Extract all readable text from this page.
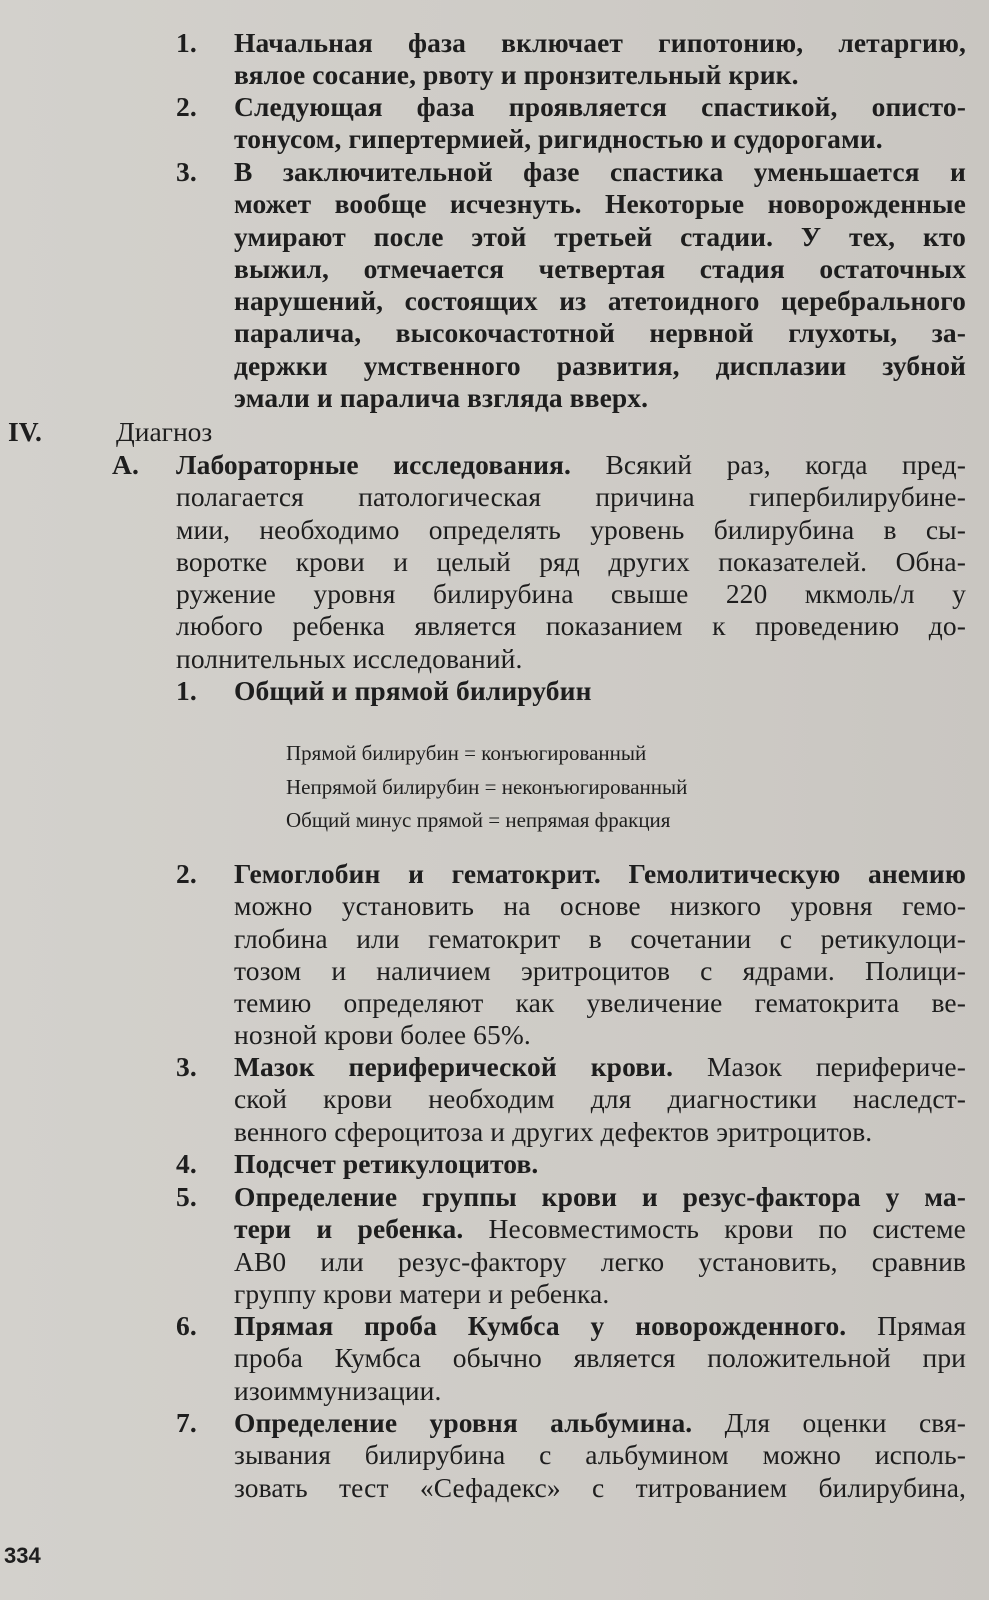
1.	Начальная фаза включает гипотонию, летаргию,
вялое сосание, рвоту и пронзительный крик.
2.	Следующая фаза проявляется спастикой, описто-
тонусом, гипертермией, ригидностью и судорогами.
3.	В заключительной фазе спастика уменьшается и
может вообще исчезнуть. Некоторые новорожденные
умирают после этой третьей стадии. У тех, кто
выжил, отмечается четвертая стадия остаточных
нарушений, состоящих из атетоидного церебрального
паралича, высокочастотной нервной глухоты, за-
держки умственного развития, дисплазии зубной
эмали и паралича взгляда вверх.
IV.	Диагноз
А.	Лабораторные исследования. Всякий раз, когда пред-
полагается патологическая причина гипербилирубине-
мии, необходимо определять уровень билирубина в сы-
воротке крови и целый ряд других показателей. Обна-
ружение уровня билирубина свыше 220 мкмоль/л у
любого ребенка является показанием к проведению до-
полнительных исследований.
1.	Общий и прямой билирубин
Прямой билирубин = конъюгированный
Непрямой билирубин = неконъюгированный
Общий минус прямой = непрямая фракция
2.	Гемоглобин и гематокрит. Гемолитическую анемию
можно установить на основе низкого уровня гемо-
глобина или гематокрит в сочетании с ретикулоци-
тозом и наличием эритроцитов с ядрами. Полици-
темию определяют как увеличение гематокрита ве-
нозной крови более 65%.
3.	Мазок периферической крови. Мазок перифериче-
ской крови необходим для диагностики наследст-
венного сфероцитоза и других дефектов эритроцитов.
4.	Подсчет ретикулоцитов.
5.	Определение группы крови и резус-фактора у ма-
тери и ребенка. Несовместимость крови по системе
АВ0 или резус-фактору легко установить, сравнив
группу крови матери и ребенка.
6.	Прямая проба Кумбса у новорожденного. Прямая
проба Кумбса обычно является положительной при
изоиммунизации.
7.	Определение уровня альбумина. Для оценки свя-
зывания билирубина с альбумином можно исполь-
зовать тест «Сефадекс» с титрованием билирубина,
334
